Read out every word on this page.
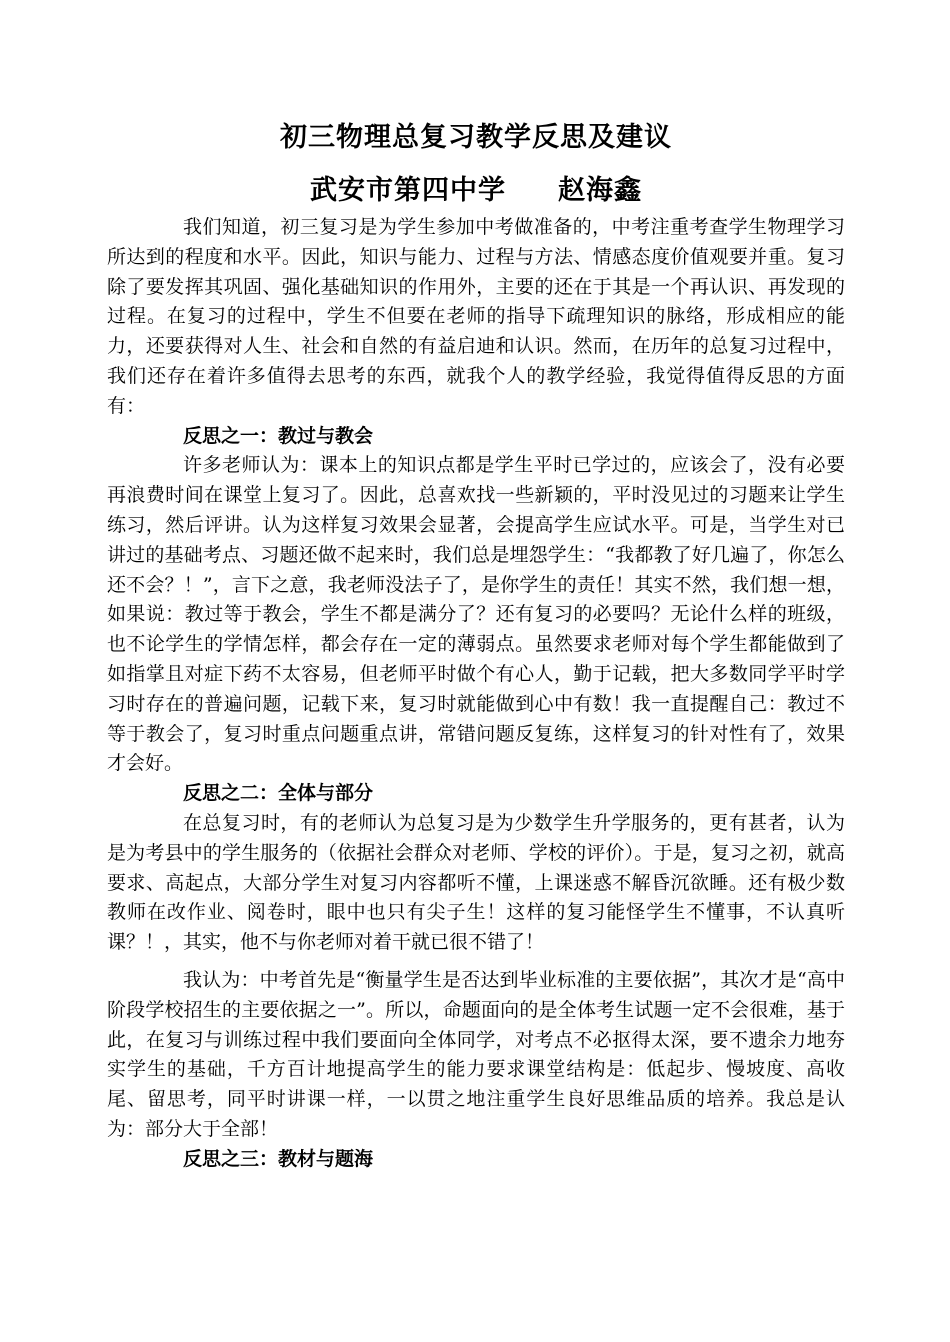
初三物理总复习教学反思及建议
武安市第四中学 赵海鑫

我们知道，初三复习是为学生参加中考做准备的，中考注重考查学生物理学习所达到的程度和水平。因此，知识与能力、过程与方法、情感态度价值观要并重。复习除了要发挥其巩固、强化基础知识的作用外，主要的还在于其是一个再认识、再发现的过程。在复习的过程中，学生不但要在老师的指导下疏理知识的脉络，形成相应的能力，还要获得对人生、社会和自然的有益启迪和认识。然而，在历年的总复习过程中，我们还存在着许多值得去思考的东西，就我个人的教学经验，我觉得值得反思的方面有：

反思之一：教过与教会

许多老师认为：课本上的知识点都是学生平时已学过的，应该会了，没有必要再浪费时间在课堂上复习了。因此，总喜欢找一些新颖的，平时没见过的习题来让学生练习，然后评讲。认为这样复习效果会显著，会提高学生应试水平。可是，当学生对已讲过的基础考点、习题还做不起来时，我们总是埋怨学生：“我都教了好几遍了，你怎么还不会？！”，言下之意，我老师没法子了，是你学生的责任！其实不然，我们想一想，如果说：教过等于教会，学生不都是满分了？还有复习的必要吗？无论什么样的班级，也不论学生的学情怎样，都会存在一定的薄弱点。虽然要求老师对每个学生都能做到了如指掌且对症下药不太容易，但老师平时做个有心人，勤于记载，把大多数同学平时学习时存在的普遍问题，记载下来，复习时就能做到心中有数！我一直提醒自己：教过不等于教会了，复习时重点问题重点讲，常错问题反复练，这样复习的针对性有了，效果才会好。

反思之二：全体与部分

在总复习时，有的老师认为总复习是为少数学生升学服务的，更有甚者，认为是为考县中的学生服务的（依据社会群众对老师、学校的评价）。于是，复习之初，就高要求、高起点，大部分学生对复习内容都听不懂，上课迷惑不解昏沉欲睡。还有极少数教师在改作业、阅卷时，眼中也只有尖子生！这样的复习能怪学生不懂事，不认真听课？！，其实，他不与你老师对着干就已很不错了！

我认为：中考首先是“衡量学生是否达到毕业标准的主要依据”，其次才是“高中阶段学校招生的主要依据之一”。所以，命题面向的是全体考生试题一定不会很难，基于此，在复习与训练过程中我们要面向全体同学，对考点不必抠得太深，要不遗余力地夯实学生的基础，千方百计地提高学生的能力要求课堂结构是：低起步、慢坡度、高收尾、留思考，同平时讲课一样，一以贯之地注重学生良好思维品质的培养。我总是认为：部分大于全部！

反思之三：教材与题海
